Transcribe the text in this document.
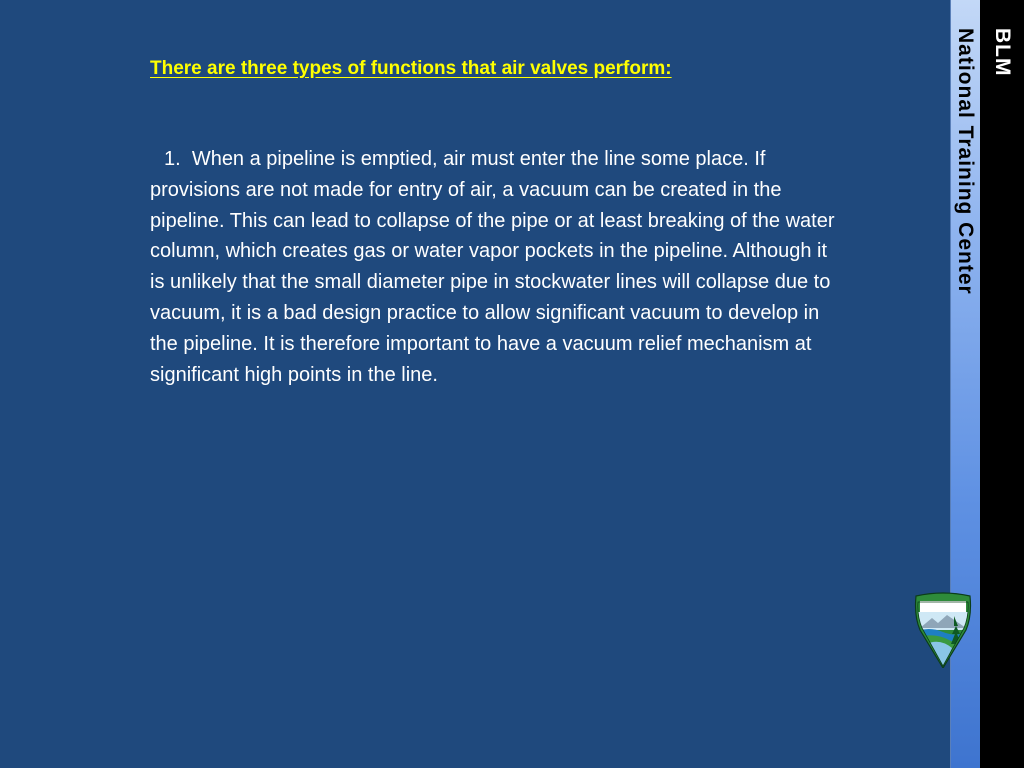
There are three types of functions that air valves perform:

1. When a pipeline is emptied, air must enter the line some place. If provisions are not made for entry of air, a vacuum can be created in the pipeline. This can lead to collapse of the pipe or at least breaking of the water column, which creates gas or water vapor pockets in the pipeline. Although it is unlikely that the small diameter pipe in stockwater lines will collapse due to vacuum, it is a bad design practice to allow significant vacuum to develop in the pipeline. It is therefore important to have a vacuum relief mechanism at significant high points in the line.

BLM
National Training Center
